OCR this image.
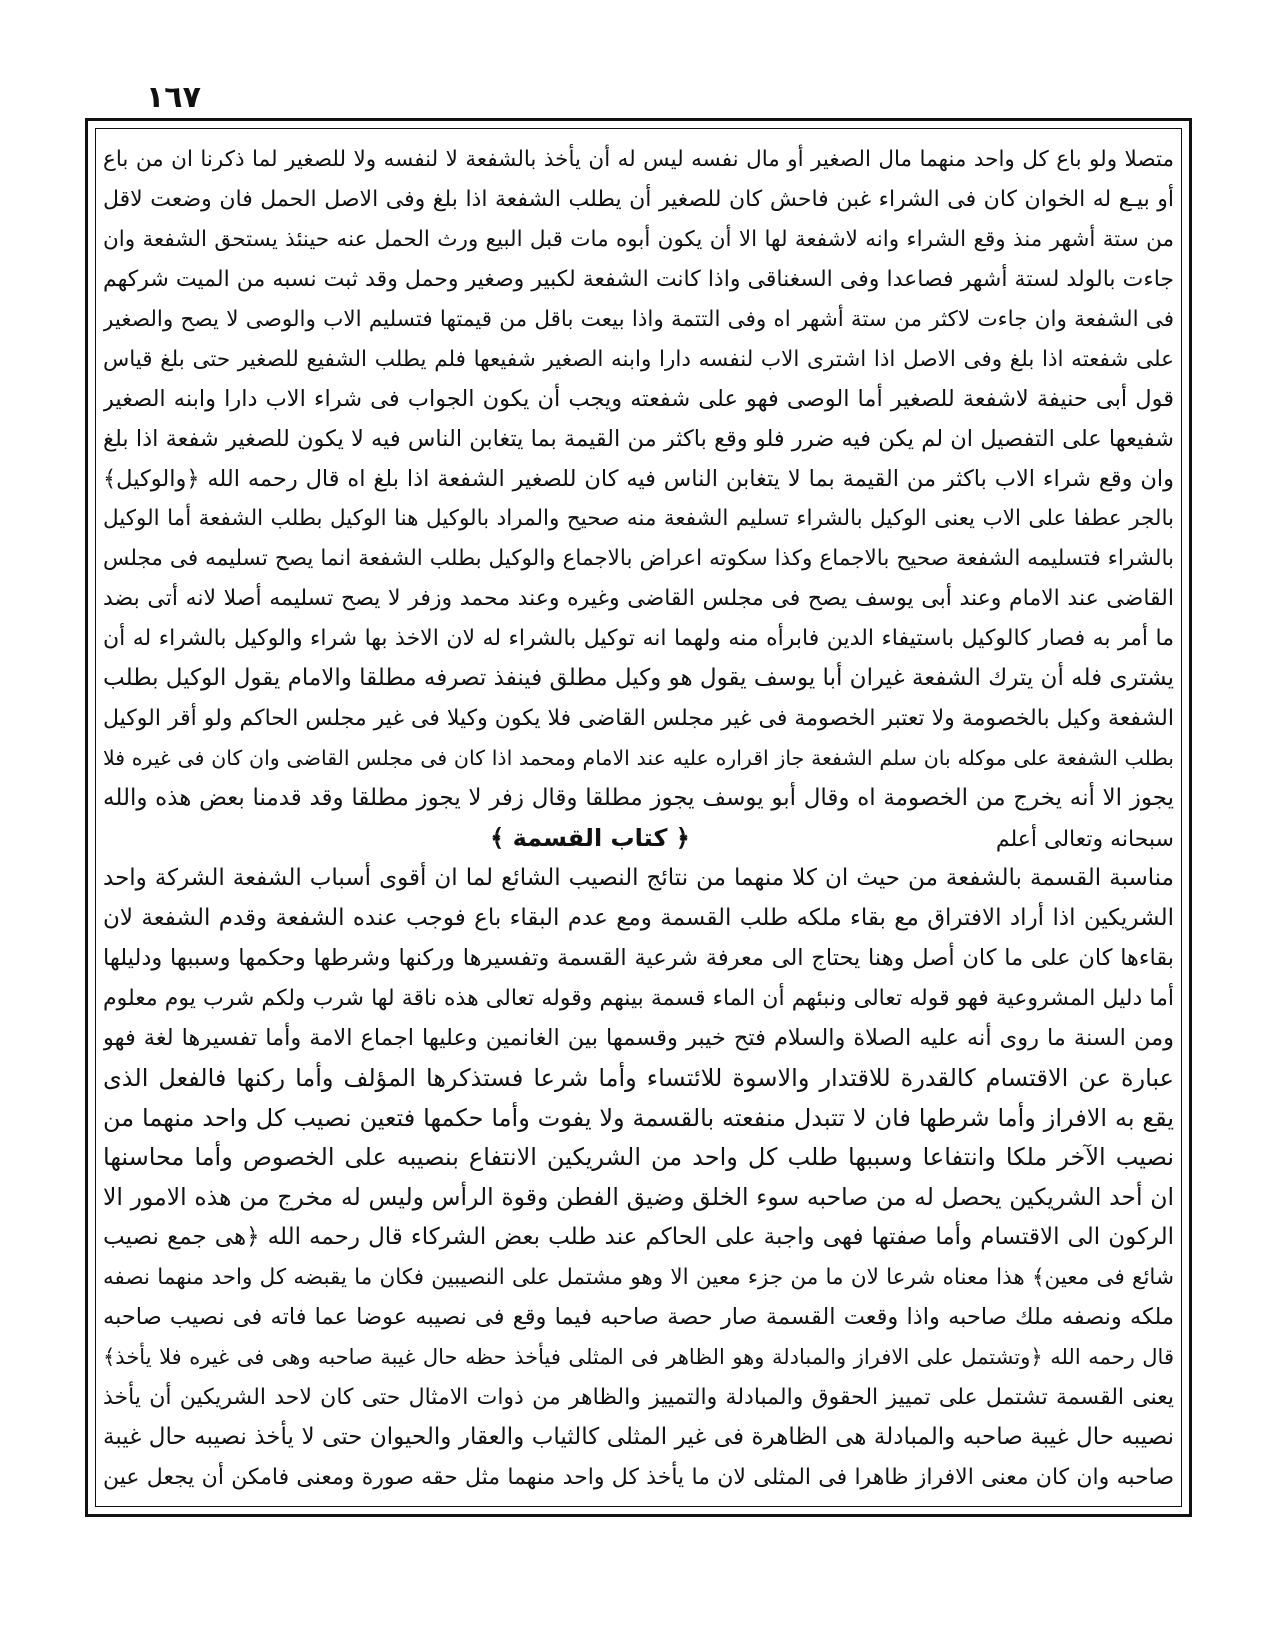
١٦٧
متصلا ولو باع كل واحد منهما مال الصغير أو مال نفسه ليس له أن يأخذ بالشفعة لا لنفسه ولا للصغير لما ذكرنا ان من باع
أو بيـع له الخوان كان فى الشراء غبن فاحش كان للصغير أن يطلب الشفعة اذا بلغ وفى الاصل الحمل فان وضعت لاقل
من ستة أشهر منذ وقع الشراء وانه لاشفعة لها الا أن يكون أبوه مات قبل البيع ورث الحمل عنه حينئذ يستحق الشفعة وان
جاءت بالولد لستة أشهر فصاعدا وفى السغناقى واذا كانت الشفعة لكبير وصغير وحمل وقد ثبت نسبه من الميت شركهم
فى الشفعة وان جاءت لاكثر من ستة أشهر اه وفى التتمة واذا بيعت باقل من قيمتها فتسليم الاب والوصى لا يصح والصغير
على شفعته اذا بلغ وفى الاصل اذا اشترى الاب لنفسه دارا وابنه الصغير شفيعها فلم يطلب الشفيع للصغير حتى بلغ قياس
قول أبى حنيفة لاشفعة للصغير أما الوصى فهو على شفعته ويجب أن يكون الجواب فى شراء الاب دارا وابنه الصغير
شفيعها على التفصيل ان لم يكن فيه ضرر فلو وقع باكثر من القيمة بما يتغابن الناس فيه لا يكون للصغير شفعة اذا بلغ
وان وقع شراء الاب باكثر من القيمة بما لا يتغابن الناس فيه كان للصغير الشفعة اذا بلغ اه قال رحمه الله ﴿والوكيل﴾
بالجر عطفا على الاب يعنى الوكيل بالشراء تسليم الشفعة منه صحيح والمراد بالوكيل هنا الوكيل بطلب الشفعة أما الوكيل
بالشراء فتسليمه الشفعة صحيح بالاجماع وكذا سكوته اعراض بالاجماع والوكيل بطلب الشفعة انما يصح تسليمه فى مجلس
القاضى عند الامام وعند أبى يوسف يصح فى مجلس القاضى وغيره وعند محمد وزفر لا يصح تسليمه أصلا لانه أتى بضد
ما أمر به فصار كالوكيل باستيفاء الدين فابرأه منه ولهما انه توكيل بالشراء له لان الاخذ بها شراء والوكيل بالشراء له أن
يشترى فله أن يترك الشفعة غيران أبا يوسف يقول هو وكيل مطلق فينفذ تصرفه مطلقا والامام يقول الوكيل بطلب
الشفعة وكيل بالخصومة ولا تعتبر الخصومة فى غير مجلس القاضى فلا يكون وكيلا فى غير مجلس الحاكم ولو أقر الوكيل
بطلب الشفعة على موكله بان سلم الشفعة جاز اقراره عليه عند الامام ومحمد اذا كان فى مجلس القاضى وان كان فى غيره فلا
يجوز الا أنه يخرج من الخصومة اه وقال أبو يوسف يجوز مطلقا وقال زفر لا يجوز مطلقا وقد قدمنا بعض هذه والله
سبحانه وتعالى أعلم
﴿ كتاب القسمة ﴾
مناسبة القسمة بالشفعة من حيث ان كلا منهما من نتائج النصيب الشائع لما ان أقوى أسباب الشفعة الشركة واحد
الشريكين اذا أراد الافتراق مع بقاء ملكه طلب القسمة ومع عدم البقاء باع فوجب عنده الشفعة وقدم الشفعة لان
بقاءها كان على ما كان أصل وهنا يحتاج الى معرفة شرعية القسمة وتفسيرها وركنها وشرطها وحكمها وسببها ودليلها
أما دليل المشروعية فهو قوله تعالى ونبئهم أن الماء قسمة بينهم وقوله تعالى هذه ناقة لها شرب ولكم شرب يوم معلوم
ومن السنة ما روى أنه عليه الصلاة والسلام فتح خيبر وقسمها بين الغانمين وعليها اجماع الامة وأما تفسيرها لغة فهو
عبارة عن الاقتسام كالقدرة للاقتدار والاسوة للائتساء وأما شرعا فستذكرها المؤلف وأما ركنها فالفعل الذى
يقع به الافراز وأما شرطها فان لا تتبدل منفعته بالقسمة ولا يفوت وأما حكمها فتعين نصيب كل واحد منهما من
نصيب الآخر ملكا وانتفاعا وسببها طلب كل واحد من الشريكين الانتفاع بنصيبه على الخصوص وأما محاسنها
ان أحد الشريكين يحصل له من صاحبه سوء الخلق وضيق الفطن وقوة الرأس وليس له مخرج من هذه الامور الا
الركون الى الاقتسام وأما صفتها فهى واجبة على الحاكم عند طلب بعض الشركاء قال رحمه الله ﴿هى جمع نصيب
شائع فى معين﴾ هذا معناه شرعا لان ما من جزء معين الا وهو مشتمل على النصيبين فكان ما يقبضه كل واحد منهما نصفه
ملكه ونصفه ملك صاحبه واذا وقعت القسمة صار حصة صاحبه فيما وقع فى نصيبه عوضا عما فاته فى نصيب صاحبه
قال رحمه الله ﴿وتشتمل على الافراز والمبادلة وهو الظاهر فى المثلى فيأخذ حظه حال غيبة صاحبه وهى فى غيره فلا يأخذ﴾
يعنى القسمة تشتمل على تمييز الحقوق والمبادلة والتمييز والظاهر من ذوات الامثال حتى كان لاحد الشريكين أن يأخذ
نصيبه حال غيبة صاحبه والمبادلة هى الظاهرة فى غير المثلى كالثياب والعقار والحيوان حتى لا يأخذ نصيبه حال غيبة
صاحبه وان كان معنى الافراز ظاهرا فى المثلى لان ما يأخذ كل واحد منهما مثل حقه صورة ومعنى فامكن أن يجعل عين
